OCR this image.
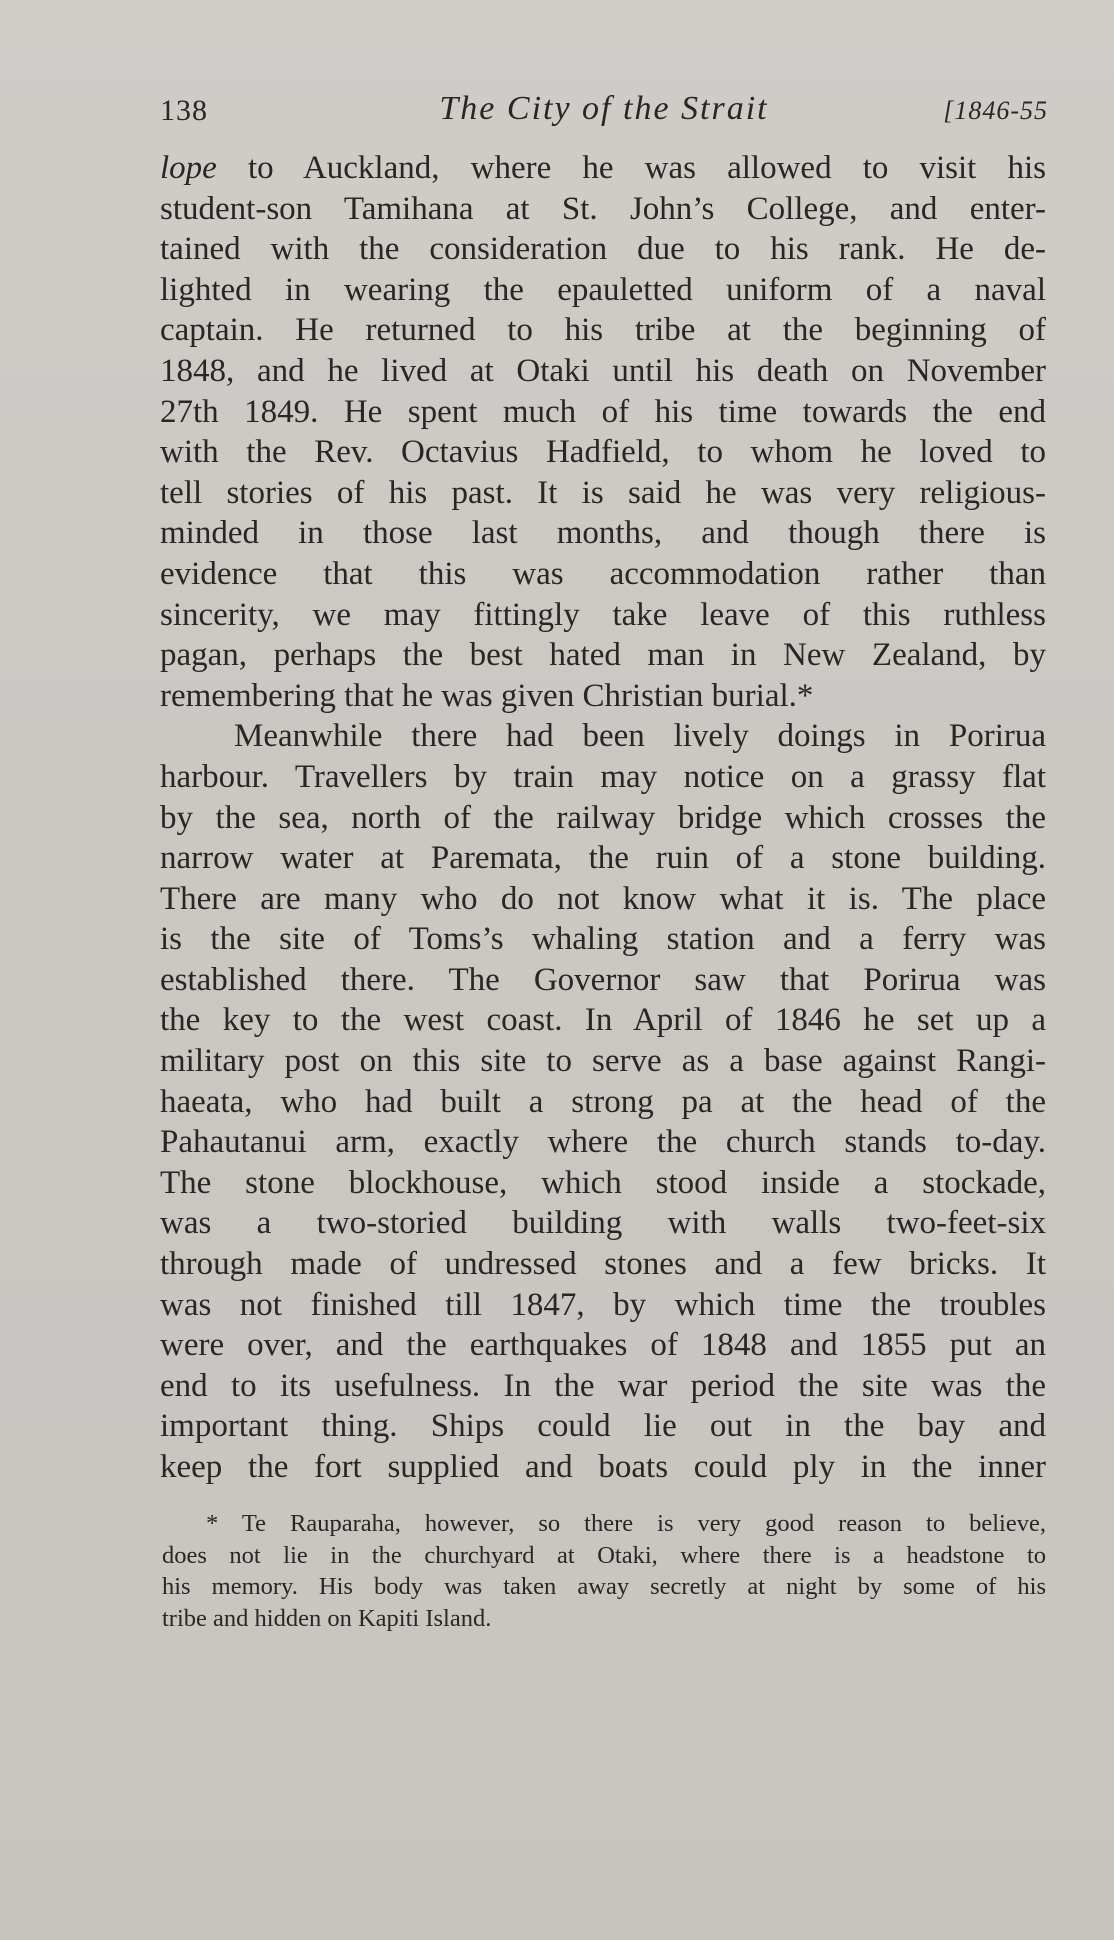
138	The City of the Strait	[1846-55
lope to Auckland, where he was allowed to visit his
student-son Tamihana at St. John’s College, and enter-
tained with the consideration due to his rank. He de-
lighted in wearing the epauletted uniform of a naval
captain. He returned to his tribe at the beginning of
1848, and he lived at Otaki until his death on November
27th 1849. He spent much of his time towards the end
with the Rev. Octavius Hadfield, to whom he loved to
tell stories of his past. It is said he was very religious-
minded in those last months, and though there is
evidence that this was accommodation rather than
sincerity, we may fittingly take leave of this ruthless
pagan, perhaps the best hated man in New Zealand, by
remembering that he was given Christian burial.*
Meanwhile there had been lively doings in Porirua
harbour. Travellers by train may notice on a grassy flat
by the sea, north of the railway bridge which crosses the
narrow water at Paremata, the ruin of a stone building.
There are many who do not know what it is. The place
is the site of Toms’s whaling station and a ferry was
established there. The Governor saw that Porirua was
the key to the west coast. In April of 1846 he set up a
military post on this site to serve as a base against Rangi-
haeata, who had built a strong pa at the head of the
Pahautanui arm, exactly where the church stands to-day.
The stone blockhouse, which stood inside a stockade,
was a two-storied building with walls two-feet-six
through made of undressed stones and a few bricks. It
was not finished till 1847, by which time the troubles
were over, and the earthquakes of 1848 and 1855 put an
end to its usefulness. In the war period the site was the
important thing. Ships could lie out in the bay and
keep the fort supplied and boats could ply in the inner
* Te Rauparaha, however, so there is very good reason to believe,
does not lie in the churchyard at Otaki, where there is a headstone to
his memory. His body was taken away secretly at night by some of his
tribe and hidden on Kapiti Island.
